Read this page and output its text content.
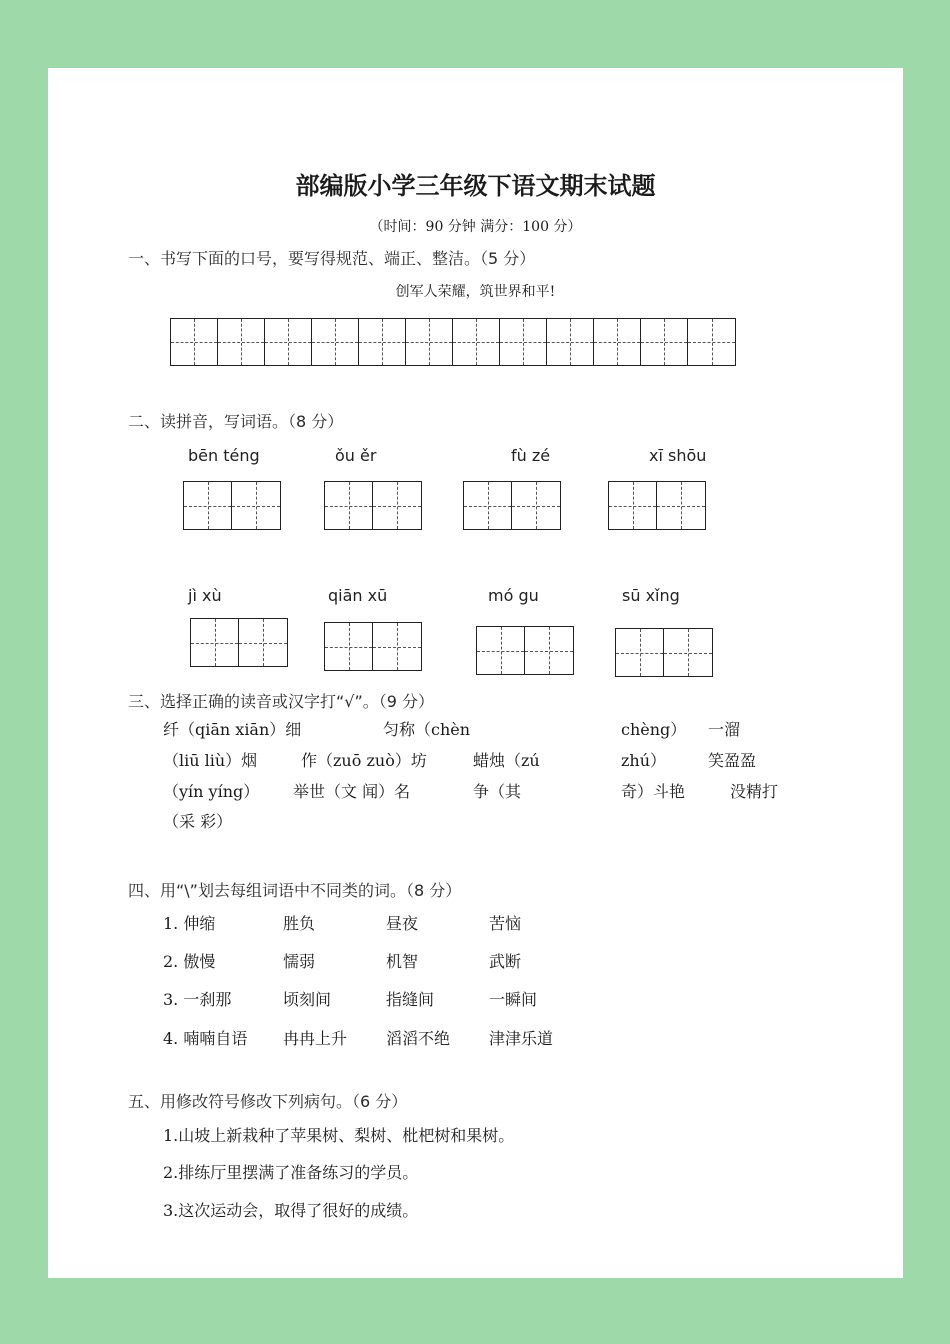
部编版小学三年级下语文期末试题
（时间：90 分钟 满分：100 分）
一、书写下面的口号，要写得规范、端正、整洁。（5 分）
创军人荣耀，筑世界和平!
二、读拼音，写词语。（8 分）
bēn téng	ǒu ěr	fù zé	xī shōu
jì xù	qiān xū	mó gu	sū xǐng
三、选择正确的读音或汉字打“√”。（9 分）
纤（qiān xiān）细	匀称（chèn	chèng） 一溜
（liū liù）烟	作（zuō zuò）坊	蜡烛（zú	zhú）	笑盈盈
（yín yíng） 举世（文 闻）名	争（其	奇）斗艳	没精打
（采 彩）
四、用“\”划去每组词语中不同类的词。（8 分）
1. 伸缩	胜负	昼夜	苦恼
2. 傲慢	懦弱	机智	武断
3. 一刹那	顷刻间	指缝间	一瞬间
4. 喃喃自语 冉冉上升 滔滔不绝 津津乐道
五、用修改符号修改下列病句。（6 分）
1.山坡上新栽种了苹果树、梨树、枇杷树和果树。
2.排练厅里摆满了准备练习的学员。
3.这次运动会，取得了很好的成绩。
